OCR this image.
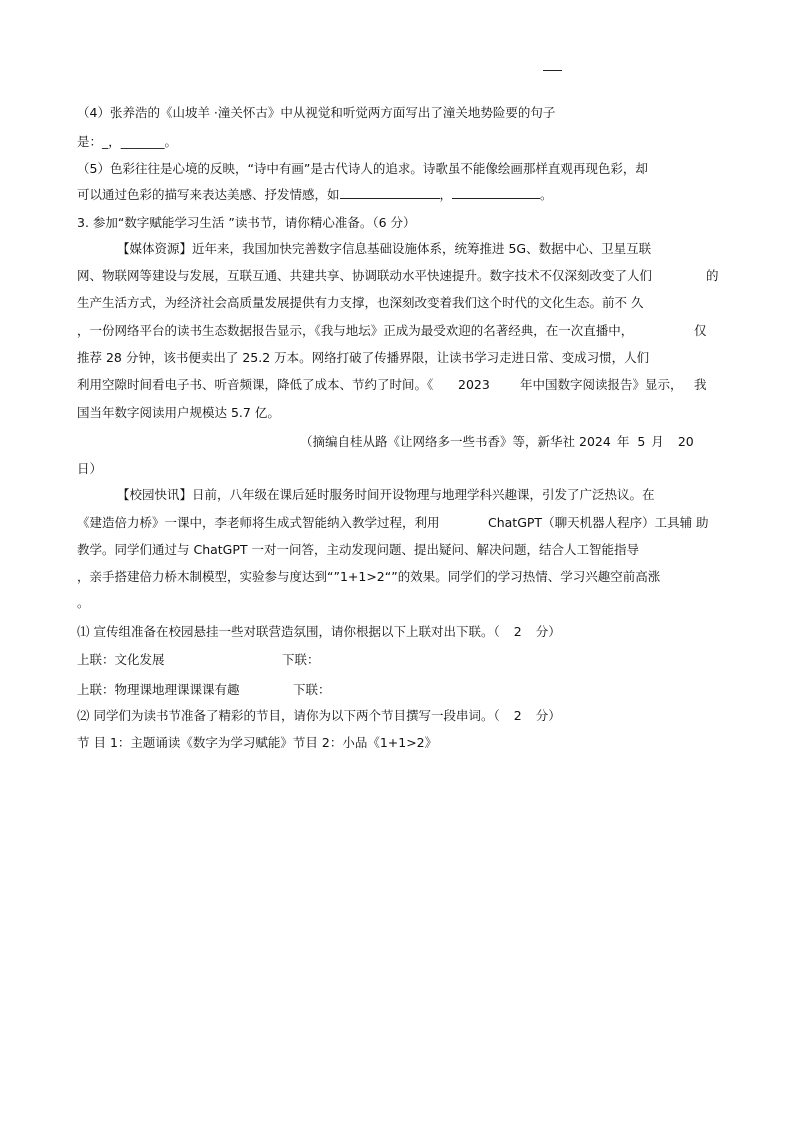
（4）张养浩的《山坡羊 ·潼关怀古》中从视觉和听觉两方面写出了潼关地势险要的句子
是：_，_______。
（5）色彩往往是心境的反映，“诗中有画”是古代诗人的追求。诗歌虽不能像绘画那样直观再现色彩，却
可以通过色彩的描写来表达美感、抒发情感，如	，	。
3. 参加“数字赋能学习生活 ”读书节，请你精心准备。（6 分）
【媒体资源】近年来，我国加快完善数字信息基础设施体系，统筹推进 5G、数据中心、卫星互联
网、物联网等建设与发展，互联互通、共建共享、协调联动水平快速提升。数字技术不仅深刻改变了人们	的
生产生活方式，为经济社会高质量发展提供有力支撑，也深刻改变着我们这个时代的文化生态。前不 久
，一份网络平台的读书生态数据报告显示，《我与地坛》正成为最受欢迎的名著经典，在一次直播中，	仅
推荐 28 分钟，该书便卖出了 25.2 万本。网络打破了传播界限，让读书学习走进日常、变成习惯，人们
利用空隙时间看电子书、听音频课，降低了成本、节约了时间。《 2023 年中国数字阅读报告》显示， 我
国当年数字阅读用户规模达 5.7 亿。
（摘编自桂从路《让网络多一些书香》等，新华社 2024 年 5 月 20
日）
【校园快讯】日前，八年级在课后延时服务时间开设物理与地理学科兴趣课，引发了广泛热议。在
《建造倍力桥》一课中，李老师将生成式智能纳入教学过程，利用	ChatGPT（聊天机器人程序）工具辅 助
教学。同学们通过与 ChatGPT 一对一问答，主动发现问题、提出疑问、解决问题，结合人工智能指导
，亲手搭建倍力桥木制模型，实验参与度达到“”1+1>2“”的效果。同学们的学习热情、学习兴趣空前高涨
。
⑴ 宣传组准备在校园悬挂一些对联营造氛围，请你根据以下上联对出下联。（ 2 分）
上联：文化发展	下联：
上联：物理课地理课课课有趣	下联：
⑵ 同学们为读书节准备了精彩的节目，请你为以下两个节目撰写一段串词。（ 2 分）
节 目 1：主题诵读《数字为学习赋能》节目 2：小品《1+1>2》
